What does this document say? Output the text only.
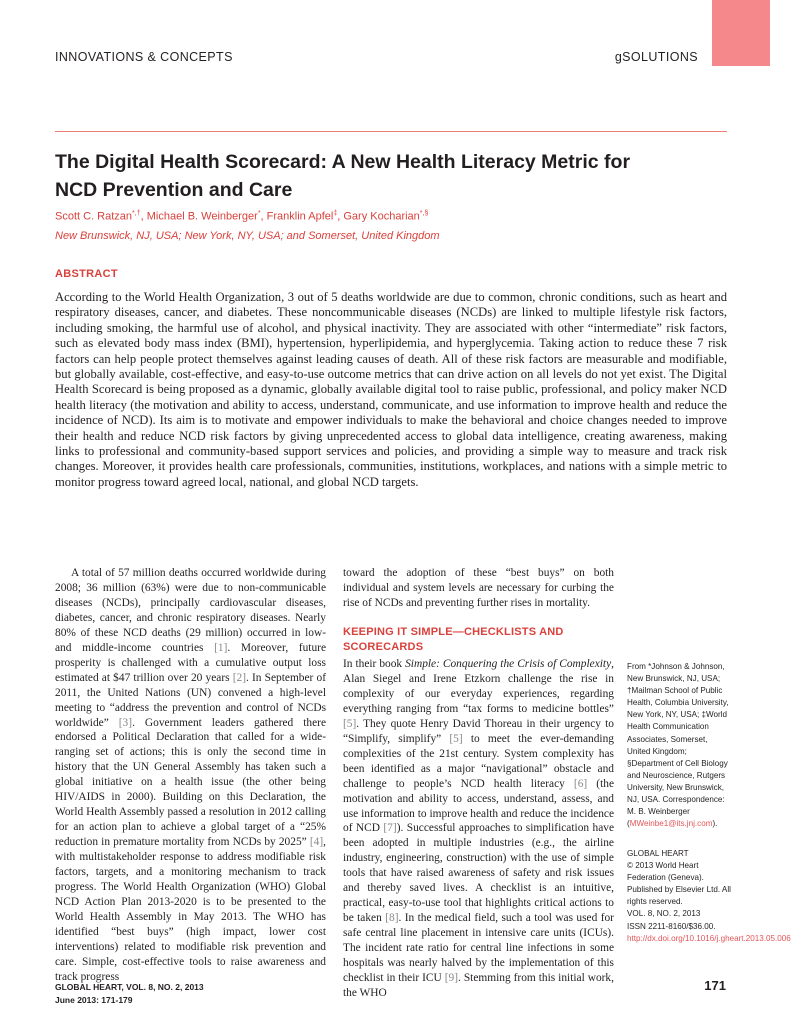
INNOVATIONS & CONCEPTS	gSOLUTIONS
The Digital Health Scorecard: A New Health Literacy Metric for NCD Prevention and Care
Scott C. Ratzan*,†, Michael B. Weinberger*, Franklin Apfel‡, Gary Kocharian*,§
New Brunswick, NJ, USA; New York, NY, USA; and Somerset, United Kingdom
ABSTRACT

According to the World Health Organization, 3 out of 5 deaths worldwide are due to common, chronic conditions, such as heart and respiratory diseases, cancer, and diabetes. These noncommunicable diseases (NCDs) are linked to multiple lifestyle risk factors, including smoking, the harmful use of alcohol, and physical inactivity. They are associated with other “intermediate” risk factors, such as elevated body mass index (BMI), hypertension, hyperlipidemia, and hyperglycemia. Taking action to reduce these 7 risk factors can help people protect themselves against leading causes of death. All of these risk factors are measurable and modifiable, but globally available, cost-effective, and easy-to-use outcome metrics that can drive action on all levels do not yet exist. The Digital Health Scorecard is being proposed as a dynamic, globally available digital tool to raise public, professional, and policy maker NCD health literacy (the motivation and ability to access, understand, communicate, and use information to improve health and reduce the incidence of NCD). Its aim is to motivate and empower individuals to make the behavioral and choice changes needed to improve their health and reduce NCD risk factors by giving unprecedented access to global data intelligence, creating awareness, making links to professional and community-based support services and policies, and providing a simple way to measure and track risk changes. Moreover, it provides health care professionals, communities, institutions, workplaces, and nations with a simple metric to monitor progress toward agreed local, national, and global NCD targets.

A total of 57 million deaths occurred worldwide during 2008; 36 million (63%) were due to non-communicable diseases (NCDs), principally cardiovascular diseases, diabetes, cancer, and chronic respiratory diseases. Nearly 80% of these NCD deaths (29 million) occurred in low- and middle-income countries [1]. Moreover, future prosperity is challenged with a cumulative output loss estimated at $47 trillion over 20 years [2]. In September of 2011, the United Nations (UN) convened a high-level meeting to “address the prevention and control of NCDs worldwide” [3]. Government leaders gathered there endorsed a Political Declaration that called for a wide-ranging set of actions; this is only the second time in history that the UN General Assembly has taken such a global initiative on a health issue (the other being HIV/AIDS in 2000). Building on this Declaration, the World Health Assembly passed a resolution in 2012 calling for an action plan to achieve a global target of a “25% reduction in premature mortality from NCDs by 2025” [4], with multistakeholder response to address modifiable risk factors, targets, and a monitoring mechanism to track progress. The World Health Organization (WHO) Global NCD Action Plan 2013-2020 is to be presented to the World Health Assembly in May 2013. The WHO has identified “best buys” (high impact, lower cost interventions) related to modifiable risk prevention and care. Simple, cost-effective tools to raise awareness and track progress

toward the adoption of these “best buys” on both individual and system levels are necessary for curbing the rise of NCDs and preventing further rises in mortality.

KEEPING IT SIMPLE—CHECKLISTS AND SCORECARDS

In their book Simple: Conquering the Crisis of Complexity, Alan Siegel and Irene Etzkorn challenge the rise in complexity of our everyday experiences, regarding everything ranging from “tax forms to medicine bottles” [5]. They quote Henry David Thoreau in their urgency to “Simplify, simplify” [5] to meet the ever-demanding complexities of the 21st century. System complexity has been identified as a major “navigational” obstacle and challenge to people’s NCD health literacy [6] (the motivation and ability to access, understand, assess, and use information to improve health and reduce the incidence of NCD [7]). Successful approaches to simplification have been adopted in multiple industries (e.g., the airline industry, engineering, construction) with the use of simple tools that have raised awareness of safety and risk issues and thereby saved lives. A checklist is an intuitive, practical, easy-to-use tool that highlights critical actions to be taken [8]. In the medical field, such a tool was used for safe central line placement in intensive care units (ICUs). The incident rate ratio for central line infections in some hospitals was nearly halved by the implementation of this checklist in their ICU [9]. Stemming from this initial work, the WHO

From *Johnson & Johnson, New Brunswick, NJ, USA; †Mailman School of Public Health, Columbia University, New York, NY, USA; ‡World Health Communication Associates, Somerset, United Kingdom; §Department of Cell Biology and Neuroscience, Rutgers University, New Brunswick, NJ, USA. Correspondence: M. B. Weinberger (MWeinbe1@its.jnj.com).
GLOBAL HEART
© 2013 World Heart Federation (Geneva). Published by Elsevier Ltd. All rights reserved.
VOL. 8, NO. 2, 2013
ISSN 2211-8160/$36.00.
http://dx.doi.org/10.1016/j.gheart.2013.05.006
GLOBAL HEART, VOL. 8, NO. 2, 2013
June 2013: 171-179
171
